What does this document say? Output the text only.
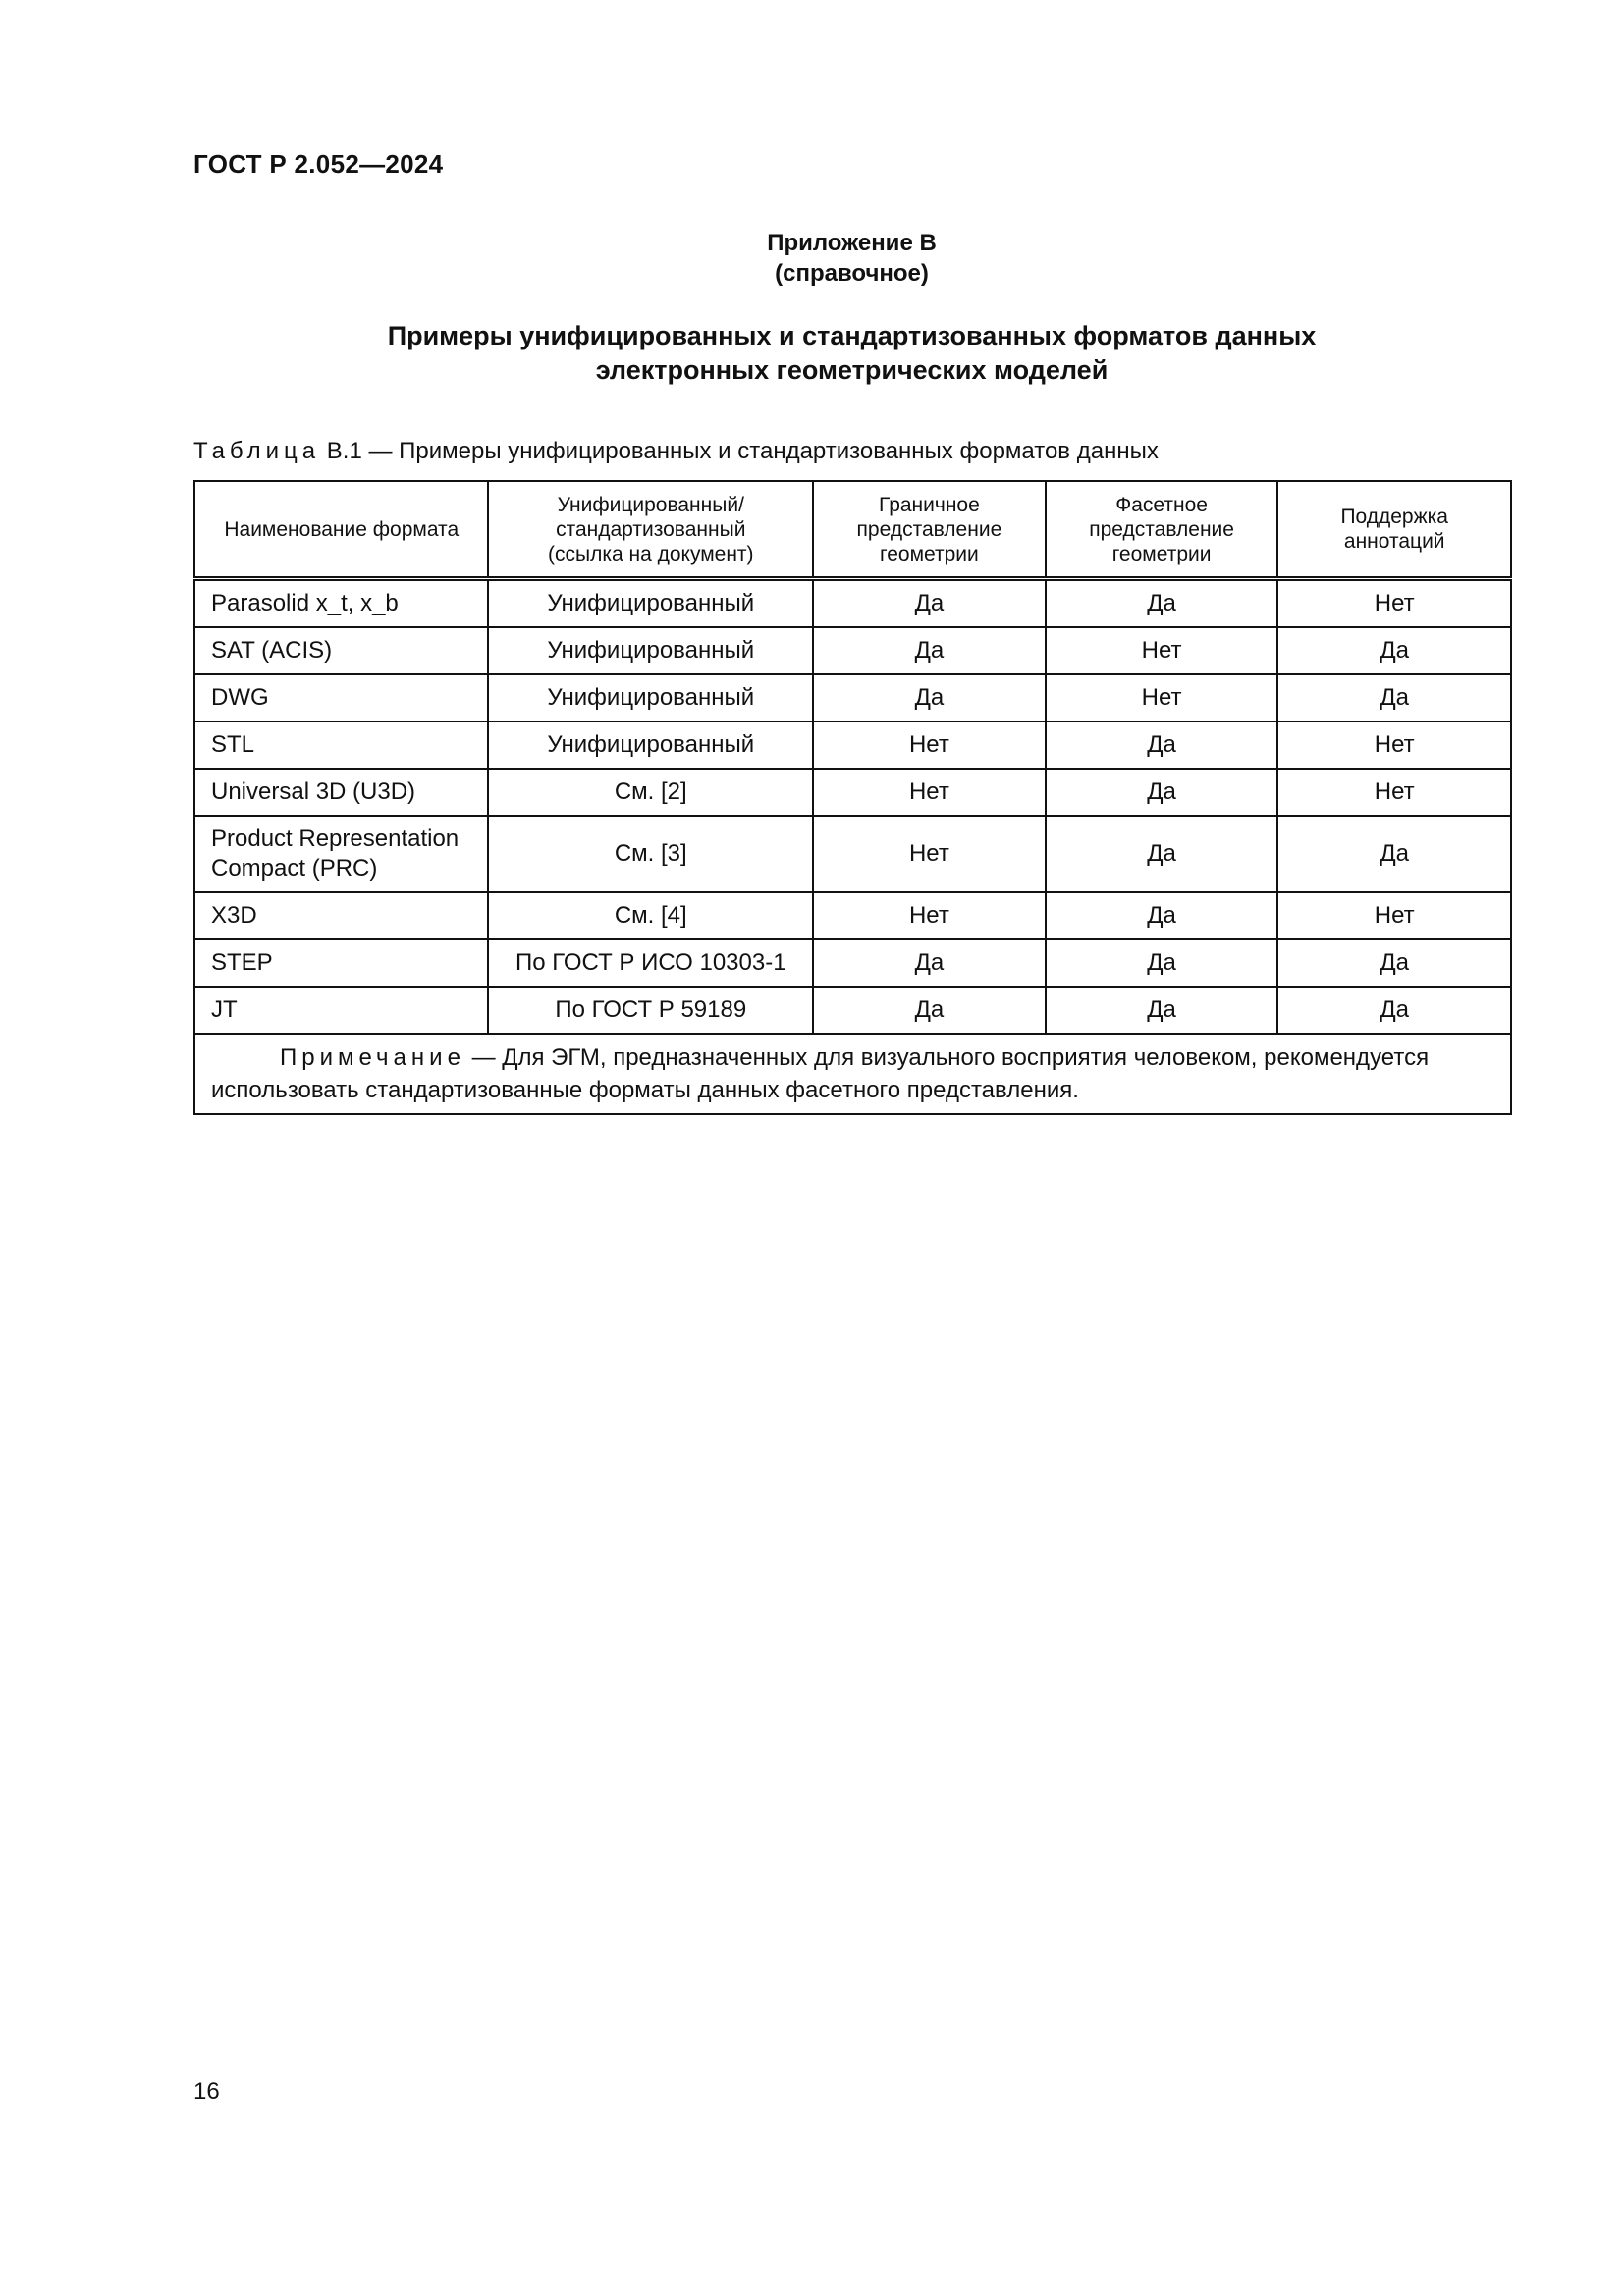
ГОСТ Р 2.052—2024
Приложение В
(справочное)
Примеры унифицированных и стандартизованных форматов данных
электронных геометрических моделей
Таблица В.1 — Примеры унифицированных и стандартизованных форматов данных
Наименование формата	Унифицированный/
стандартизованный
(ссылка на документ)	Граничное
представление
геометрии	Фасетное
представление
геометрии	Поддержка
аннотаций
Parasolid x_t, x_b	Унифицированный	Да	Да	Нет
SAT (ACIS)	Унифицированный	Да	Нет	Да
DWG	Унифицированный	Да	Нет	Да
STL	Унифицированный	Нет	Да	Нет
Universal 3D (U3D)	См. [2]	Нет	Да	Нет
Product Representation
Compact (PRC)	См. [3]	Нет	Да	Да
X3D	См. [4]	Нет	Да	Нет
STEP	По ГОСТ Р ИСО 10303-1	Да	Да	Да
JT	По ГОСТ Р 59189	Да	Да	Да
Примечание — Для ЭГМ, предназначенных для визуального восприятия человеком, рекомендуется использовать стандартизованные форматы данных фасетного представления.				
16
